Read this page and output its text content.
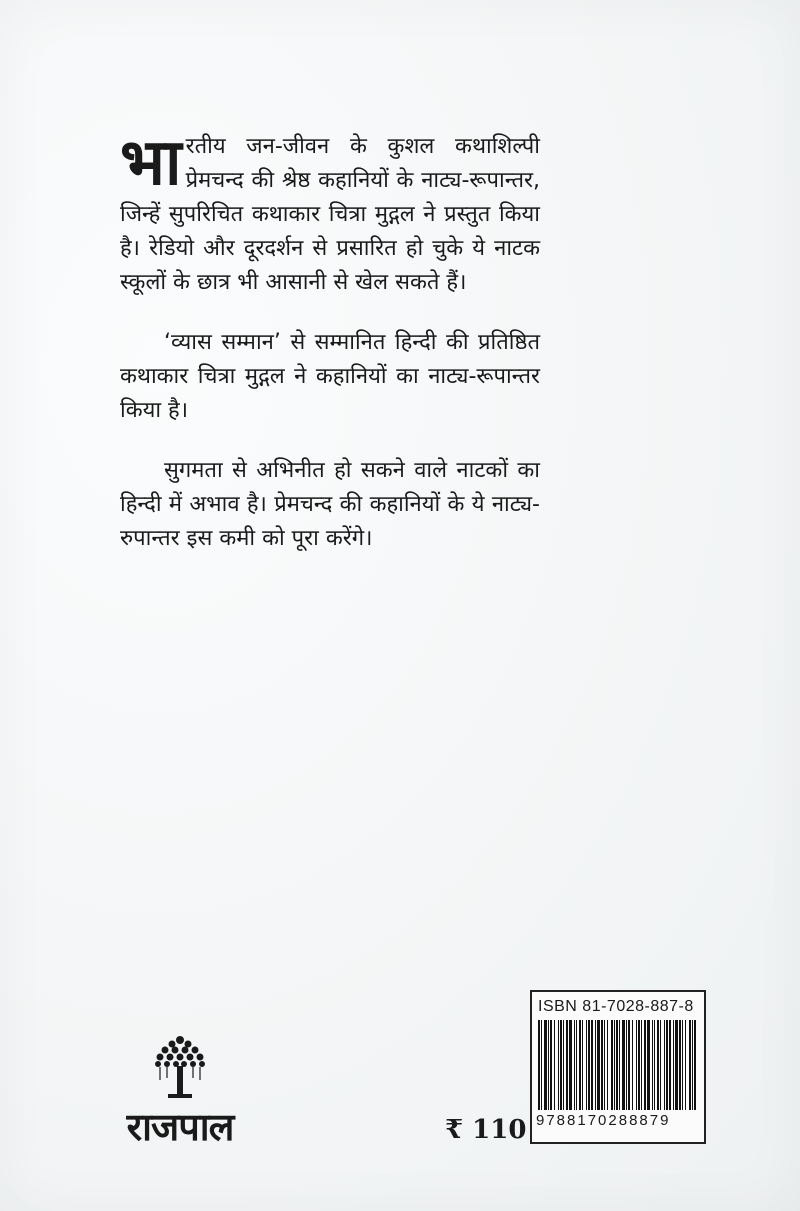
भारतीय जन-जीवन के कुशल कथाशिल्पी प्रेमचन्द की श्रेष्ठ कहानियों के नाट्य-रूपान्तर, जिन्हें सुपरिचित कथाकार चित्रा मुद्गल ने प्रस्तुत किया है। रेडियो और दूरदर्शन से प्रसारित हो चुके ये नाटक स्कूलों के छात्र भी आसानी से खेल सकते हैं।

‘व्यास सम्मान’ से सम्मानित हिन्दी की प्रतिष्ठित कथाकार चित्रा मुद्गल ने कहानियों का नाट्य-रूपान्तर किया है।

सुगमता से अभिनीत हो सकने वाले नाटकों का हिन्दी में अभाव है। प्रेमचन्द की कहानियों के ये नाट्य-रुपान्तर इस कमी को पूरा करेंगे।

राजपाल	₹ 110
ISBN 81-7028-887-8
9788170288879
